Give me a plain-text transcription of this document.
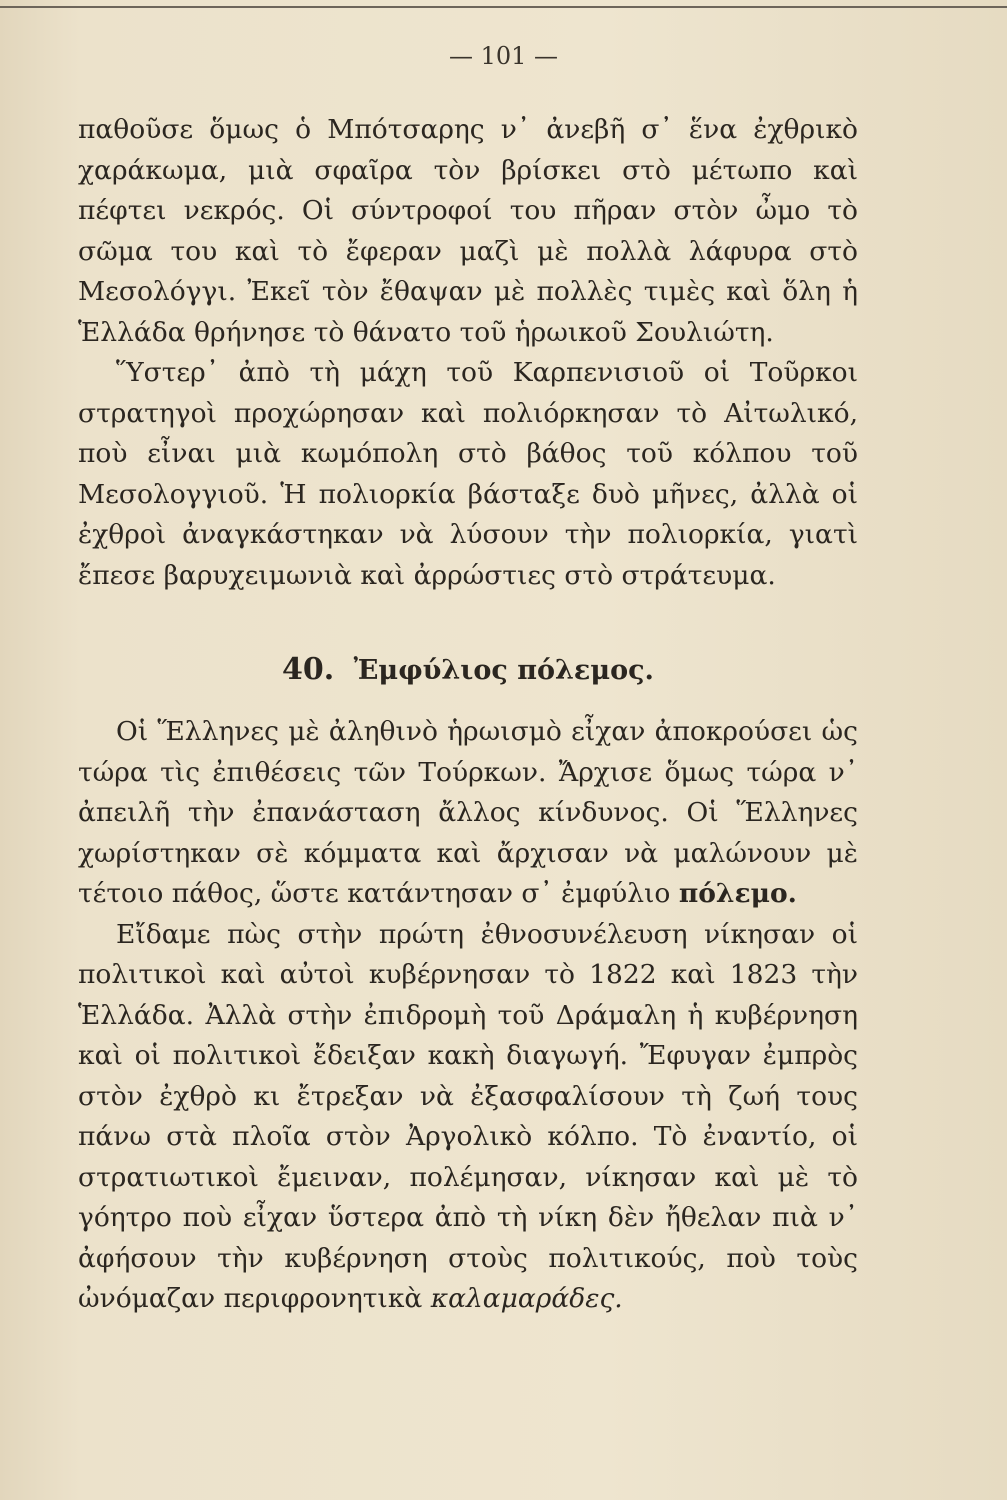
— 101 —

παθοῦσε ὅμως ὁ Μπότσαρης ν᾿ ἀνεβῆ σ᾿ ἕνα ἐχθρικὸ χαράκωμα, μιὰ σφαῖρα τὸν βρίσκει στὸ μέτωπο καὶ πέφτει νεκρός. Οἱ σύντροφοί του πῆραν στὸν ὦμο τὸ σῶμα του καὶ τὸ ἔφεραν μαζὶ μὲ πολλὰ λάφυρα στὸ Μεσολόγγι. Ἐκεῖ τὸν ἔθαψαν μὲ πολλὲς τιμὲς καὶ ὅλη ἡ Ἑλλάδα θρήνησε τὸ θάνατο τοῦ ἡρωικοῦ Σουλιώτη.

Ὕστερ᾿ ἀπὸ τὴ μάχη τοῦ Καρπενισιοῦ οἱ Τοῦρκοι στρατηγοὶ προχώρησαν καὶ πολιόρκησαν τὸ Αἰτωλικό, ποὺ εἶναι μιὰ κωμόπολη στὸ βάθος τοῦ κόλπου τοῦ Μεσολογγιοῦ. Ἡ πολιορκία βάσταξε δυὸ μῆνες, ἀλλὰ οἱ ἐχθροὶ ἀναγκάστηκαν νὰ λύσουν τὴν πολιορκία, γιατὶ ἔπεσε βαρυχειμωνιὰ καὶ ἀρρώστιες στὸ στράτευμα.

40. Ἐμφύλιος πόλεμος.

Οἱ Ἕλληνες μὲ ἀληθινὸ ἡρωισμὸ εἶχαν ἀποκρούσει ὡς τώρα τὶς ἐπιθέσεις τῶν Τούρκων. Ἄρχισε ὅμως τώρα ν᾿ ἀπειλῆ τὴν ἐπανάσταση ἄλλος κίνδυνος. Οἱ Ἕλληνες χωρίστηκαν σὲ κόμματα καὶ ἄρχισαν νὰ μαλώνουν μὲ τέτοιο πάθος, ὥστε κατάντησαν σ᾿ ἐμφύλιο πόλεμο.

Εἴδαμε πὼς στὴν πρώτη ἐθνοσυνέλευση νίκησαν οἱ πολιτικοὶ καὶ αὐτοὶ κυβέρνησαν τὸ 1822 καὶ 1823 τὴν Ἑλλάδα. Ἀλλὰ στὴν ἐπιδρομὴ τοῦ Δράμαλη ἡ κυβέρνηση καὶ οἱ πολιτικοὶ ἔδειξαν κακὴ διαγωγή. Ἔφυγαν ἐμπρὸς στὸν ἐχθρὸ κι ἔτρεξαν νὰ ἐξασφαλίσουν τὴ ζωή τους πάνω στὰ πλοῖα στὸν Ἀργολικὸ κόλπο. Τὸ ἐναντίο, οἱ στρατιωτικοὶ ἔμειναν, πολέμησαν, νίκησαν καὶ μὲ τὸ γόητρο ποὺ εἶχαν ὕστερα ἀπὸ τὴ νίκη δὲν ἤθελαν πιὰ ν᾿ ἀφήσουν τὴν κυβέρνηση στοὺς πολιτικούς, ποὺ τοὺς ὠνόμαζαν περιφρονητικὰ καλαμαράδες.
